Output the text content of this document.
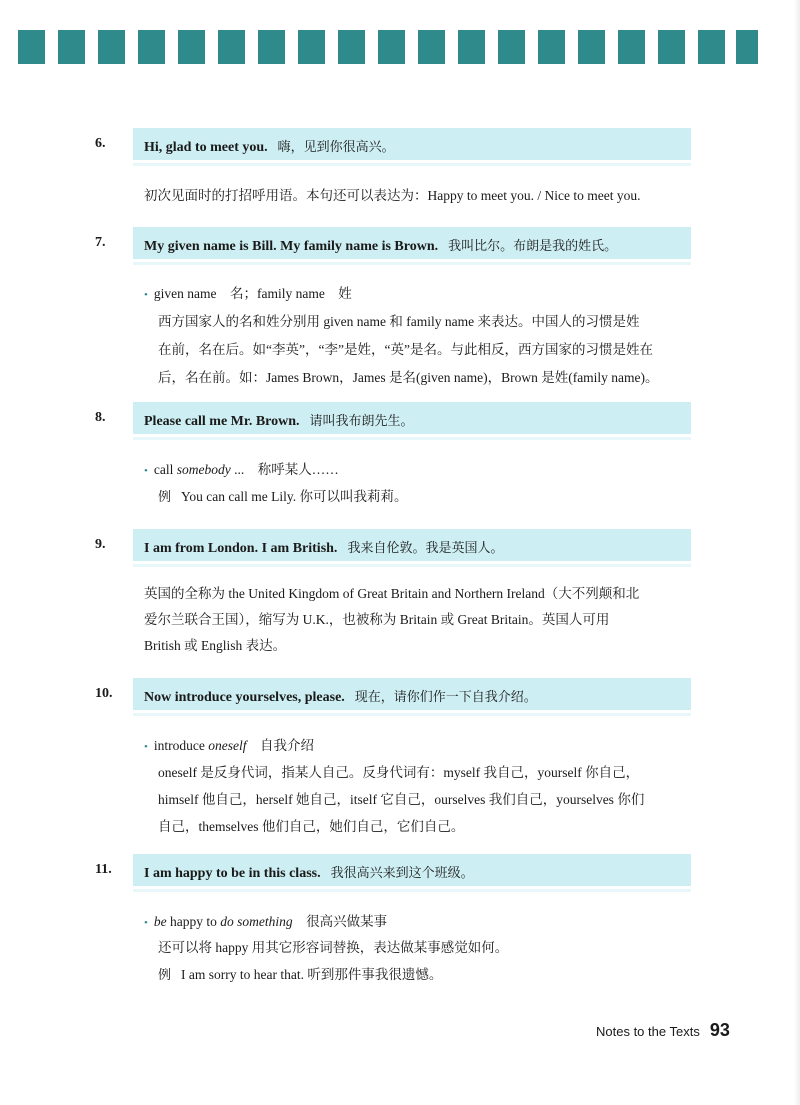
6.	Hi, glad to meet you. 嗨，见到你很高兴。
初次见面时的打招呼用语。本句还可以表达为：Happy to meet you. / Nice to meet you.
7.	My given name is Bill. My family name is Brown. 我叫比尔。布朗是我的姓氏。
• given name　名；family name　姓
西方国家人的名和姓分别用 given name 和 family name 来表达。中国人的习惯是姓
在前，名在后。如“李英”，“李”是姓，“英”是名。与此相反，西方国家的习惯是姓在
后，名在前。如：James Brown，James 是名(given name)，Brown 是姓(family name)。
8.	Please call me Mr. Brown. 请叫我布朗先生。
• call somebody ...　称呼某人……
例 You can call me Lily. 你可以叫我莉莉。
9.	I am from London. I am British. 我来自伦敦。我是英国人。
英国的全称为 the United Kingdom of Great Britain and Northern Ireland（大不列颠和北
爱尔兰联合王国），缩写为 U.K.，也被称为 Britain 或 Great Britain。英国人可用
British 或 English 表达。
10. Now introduce yourselves, please. 现在，请你们作一下自我介绍。
• introduce oneself　自我介绍
oneself 是反身代词，指某人自己。反身代词有：myself 我自己，yourself 你自己，
himself 他自己，herself 她自己，itself 它自己，ourselves 我们自己，yourselves 你们
自己，themselves 他们自己，她们自己，它们自己。
11. I am happy to be in this class. 我很高兴来到这个班级。
• be happy to do something　很高兴做某事
还可以将 happy 用其它形容词替换，表达做某事感觉如何。
例 I am sorry to hear that. 听到那件事我很遗憾。
Notes to the Texts 93
